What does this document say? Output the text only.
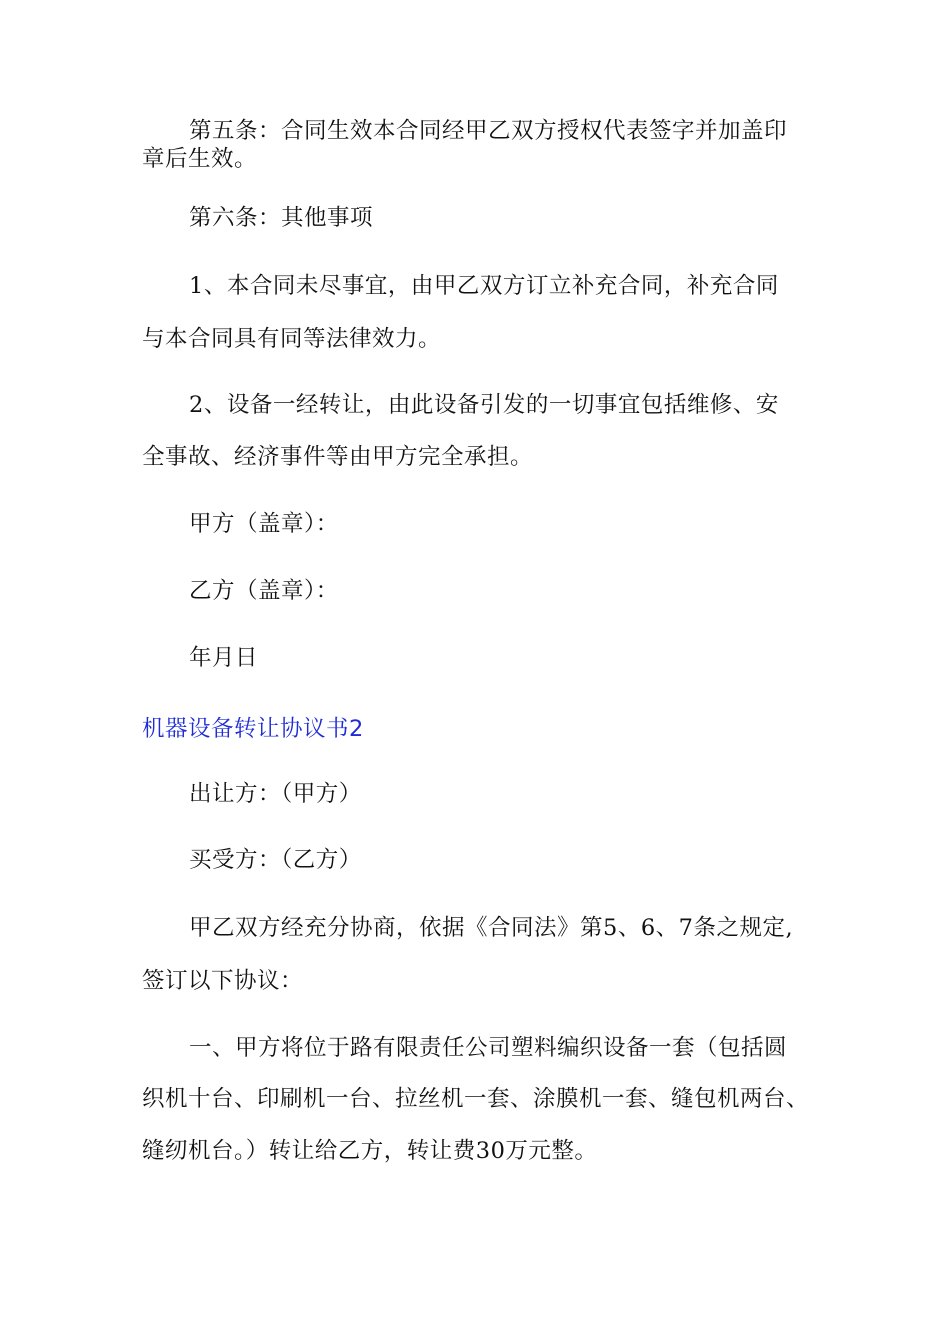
第五条：合同生效本合同经甲乙双方授权代表签字并加盖印
章后生效。
第六条：其他事项
1、本合同未尽事宜，由甲乙双方订立补充合同，补充合同
与本合同具有同等法律效力。
2、设备一经转让，由此设备引发的一切事宜包括维修、安
全事故、经济事件等由甲方完全承担。
甲方（盖章）：
乙方（盖章）：
年月日
机器设备转让协议书2
出让方：（甲方）
买受方：（乙方）
甲乙双方经充分协商，依据《合同法》第5、6、7条之规定,
签订以下协议：
一、甲方将位于路有限责任公司塑料编织设备一套（包括圆
织机十台、印刷机一台、拉丝机一套、涂膜机一套、缝包机两台、
缝纫机台。）转让给乙方，转让费30万元整。
